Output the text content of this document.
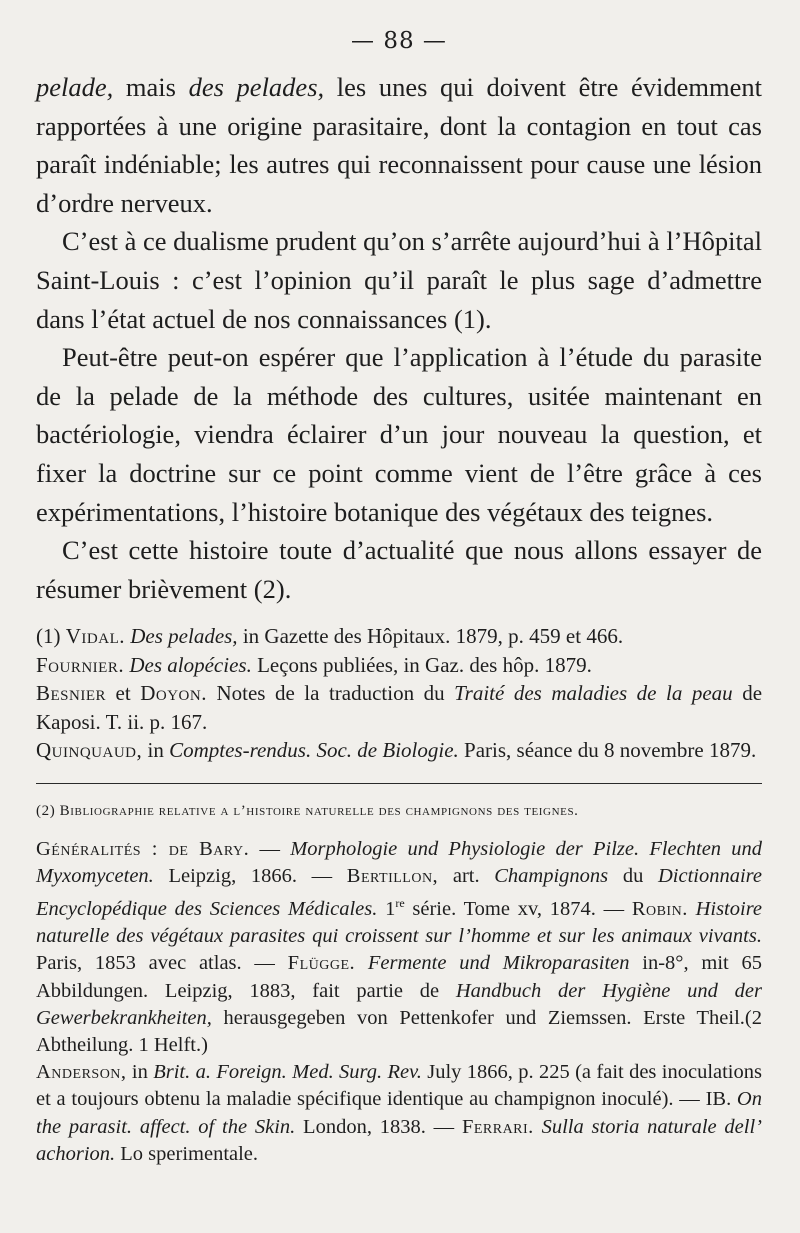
— 88 —

pelade, mais des pelades, les unes qui doivent être évidemment rapportées à une origine parasitaire, dont la contagion en tout cas paraît indéniable; les autres qui reconnaissent pour cause une lésion d’ordre nerveux.

C’est à ce dualisme prudent qu’on s’arrête aujourd’hui à l’Hôpital Saint-Louis : c’est l’opinion qu’il paraît le plus sage d’admettre dans l’état actuel de nos connaissances (1).

Peut-être peut-on espérer que l’application à l’étude du parasite de la pelade de la méthode des cultures, usitée maintenant en bactériologie, viendra éclairer d’un jour nouveau la question, et fixer la doctrine sur ce point comme vient de l’être grâce à ces expérimentations, l’histoire botanique des végétaux des teignes.

C’est cette histoire toute d’actualité que nous allons essayer de résumer brièvement (2).

(1) Vidal. Des pelades, in Gazette des Hôpitaux. 1879, p. 459 et 466.

Fournier. Des alopécies. Leçons publiées, in Gaz. des hôp. 1879.

Besnier et Doyon. Notes de la traduction du Traité des maladies de la peau de Kaposi. T. ii. p. 167.

Quinquaud, in Comptes-rendus. Soc. de Biologie. Paris, séance du 8 novembre 1879.

(2) Bibliographie relative a l’histoire naturelle des champignons des teignes.

Généralités : de Bary. — Morphologie und Physiologie der Pilze. Flechten und Myxomyceten. Leipzig, 1866. — Bertillon, art. Champignons du Dictionnaire Encyclopédique des Sciences Médicales. 1re série. Tome xv, 1874. — Robin. Histoire naturelle des végétaux parasites qui croissent sur l’homme et sur les animaux vivants. Paris, 1853 avec atlas. — Flügge. Fermente und Mikroparasiten in-8°, mit 65 Abbildungen. Leipzig, 1883, fait partie de Handbuch der Hygiène und der Gewerbekrankheiten, herausgegeben von Pettenkofer und Ziemssen. Erste Theil.(2 Abtheilung. 1 Helft.)

Anderson, in Brit. a. Foreign. Med. Surg. Rev. July 1866, p. 225 (a fait des inoculations et a toujours obtenu la maladie spécifique identique au champignon inoculé). — IB. On the parasit. affect. of the Skin. London, 1838. — Ferrari. Sulla storia naturale dell’ achorion. Lo sperimentale.
